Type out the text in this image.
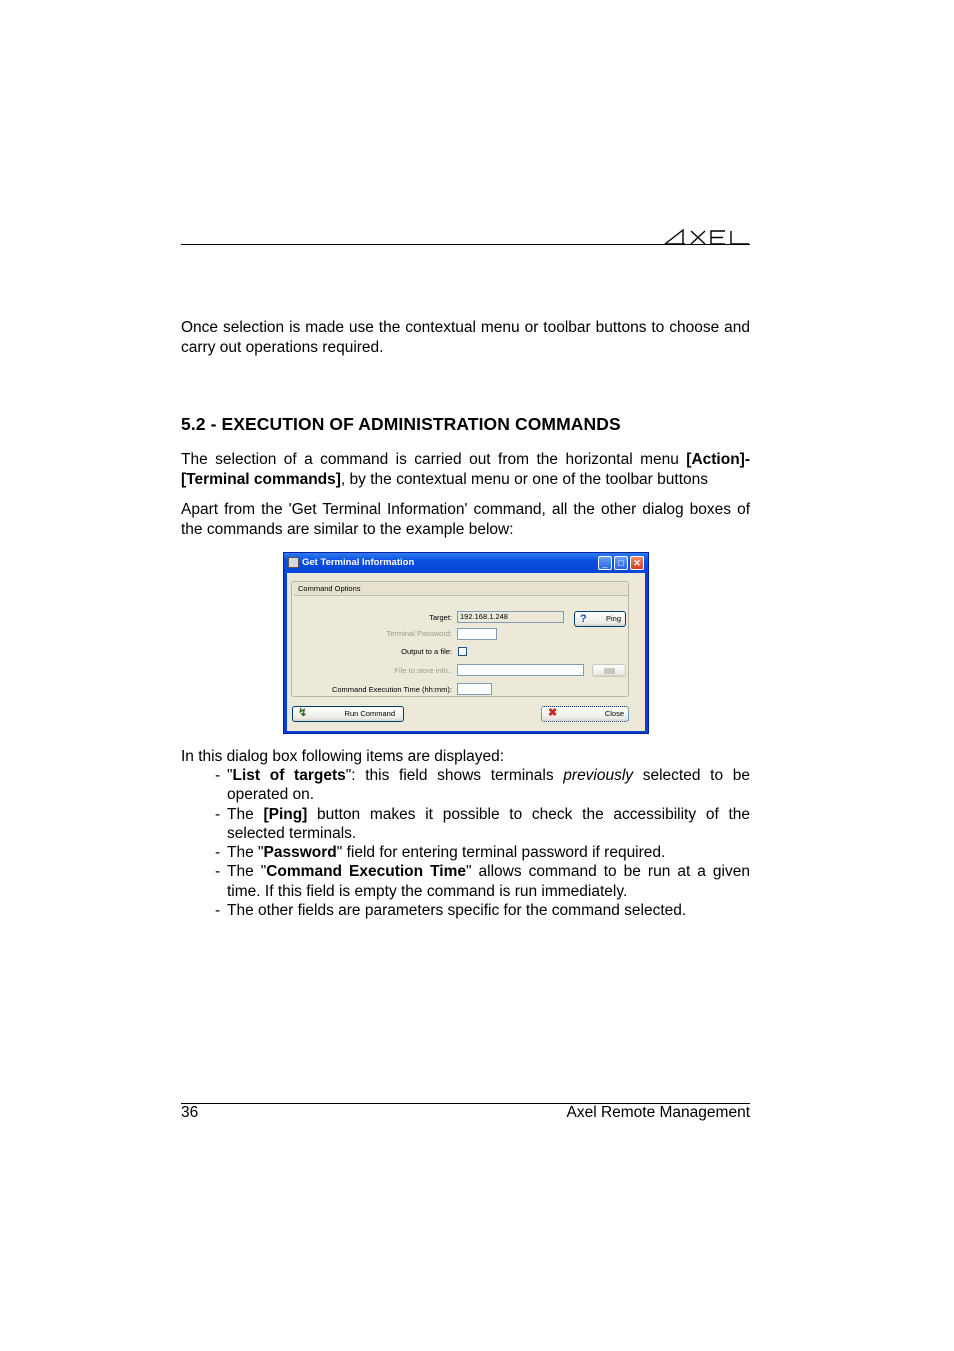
Once selection is made use the contextual menu or toolbar buttons to choose and carry out operations required.
5.2 - EXECUTION OF ADMINISTRATION COMMANDS
The selection of a command is carried out from the horizontal menu [Action]-[Terminal commands], by the contextual menu or one of the toolbar buttons
Apart from the 'Get Terminal Information' command, all the other dialog boxes of the commands are similar to the example below:
Get Terminal Information	_	□	✕
Command Options
Target:	192.168.1.248	?	Ping
Terminal Password:
Output to a file:
File to store info.:
Command Execution Time (hh:mm):
↯	Run Command	✖	Close
In this dialog box following items are displayed:
- "List of targets": this field shows terminals previously selected to be operated on.
- The [Ping] button makes it possible to check the accessibility of the selected terminals.
- The "Password" field for entering terminal password if required.
- The "Command Execution Time" allows command to be run at a given time. If this field is empty the command is run immediately.
- The other fields are parameters specific for the command selected.
36	Axel Remote Management
